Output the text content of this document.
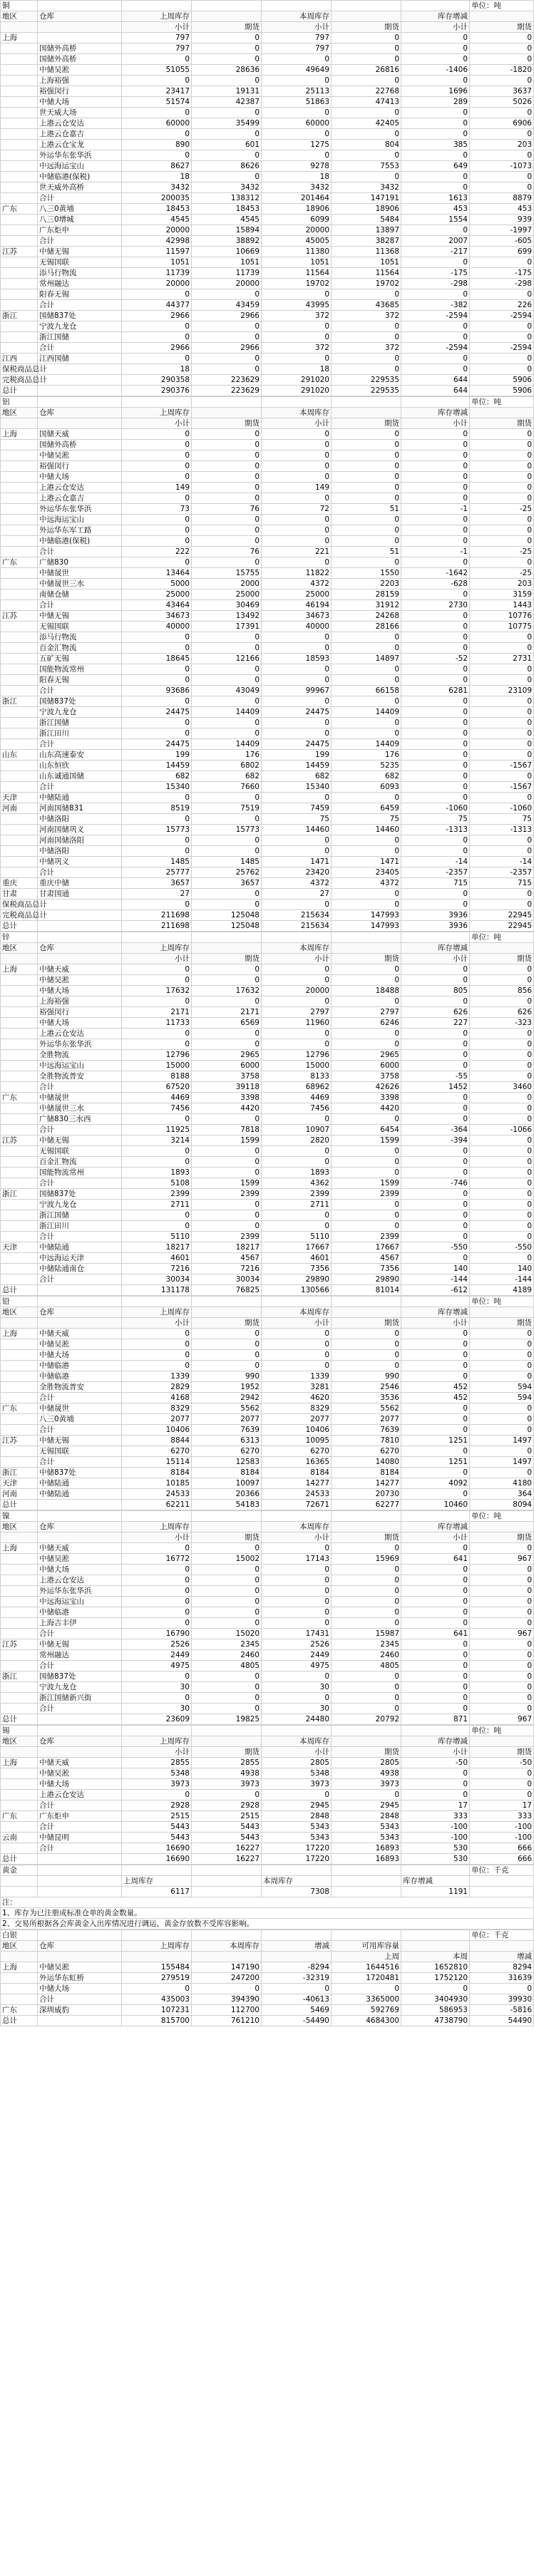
铜							单位：吨
地区	仓库	上周库存		本周库存		库存增减	
		小计	期货	小计	期货	小计	期货
上海		797	0	797	0	0	0
	国储外高桥	797	0	797	0	0	0
	国储外高桥	0	0	0	0	0	0
	中储吴淞	51055	28636	49649	26816	-1406	-1820
	上海裕强	0	0	0	0	0	0
	裕强闵行	23417	19131	25113	22768	1696	3637
	中储大场	51574	42387	51863	47413	289	5026
	世天威大场	0	0	0	0	0	0
	上港云仓安达	60000	35499	60000	42405	0	6906
	上港云仓嘉吉	0	0	0	0	0	0
	上港云仓宝龙	890	601	1275	804	385	203
	外运华东张华浜	0	0	0	0	0	0
	中远海运宝山	8627	8626	9278	7553	649	-1073
	中储临港(保税)	18	0	18	0	0	0
	世天威外高桥	3432	3432	3432	3432	0	0
	合计	200035	138312	201464	147191	1613	8879
广东	八三0黄埔	18453	18453	18906	18906	453	453
	八三0增城	4545	4545	6099	5484	1554	939
	广东炬申	20000	15894	20000	13897	0	-1997
	合计	42998	38892	45005	38287	2007	-605
江苏	中储无锡	11597	10669	11380	11368	-217	699
	无锡国联	1051	1051	1051	1051	0	0
	添马行物流	11739	11739	11564	11564	-175	-175
	常州融达	20000	20000	19702	19702	-298	-298
	阳春无锡	0	0	0	0	0	0
	合计	44377	43459	43995	43685	-382	226
浙江	国储837处	2966	2966	372	372	-2594	-2594
	宁波九龙仓	0	0	0	0	0	0
	浙江国储	0	0	0	0	0	0
	合计	2966	2966	372	372	-2594	-2594
江西	江西国储	0	0	0	0	0	0
保税商品总计		18	0	18	0	0	0
完税商品总计		290358	223629	291020	229535	644	5906
总计		290376	223629	291020	229535	644	5906
铝							单位：吨
地区	仓库	上周库存		本周库存		库存增减	
		小计	期货	小计	期货	小计	期货
上海	国储天威	0	0	0	0	0	0
	国储外高桥	0	0	0	0	0	0
	中储吴淞	0	0	0	0	0	0
	裕强闵行	0	0	0	0	0	0
	中储大场	0	0	0	0	0	0
	上港云仓安达	149	0	149	0	0	0
	上港云仓嘉吉	0	0	0	0	0	0
	外运华东张华浜	73	76	72	51	-1	-25
	中远海运宝山	0	0	0	0	0	0
	外运华东军工路	0	0	0	0	0	0
	中储临港(保税)	0	0	0	0	0	0
	合计	222	76	221	51	-1	-25
广东	广储830	0	0	0	0	0	0
	中储晟世	13464	15755	11822	1550	-1642	-25
	中储晟世三水	5000	2000	4372	2203	-628	203
	南储仓储	25000	25000	25000	28159	0	3159
	合计	43464	30469	46194	31912	2730	1443
江苏	中储无锡	34673	13492	34673	24268	0	10776
	无锡国联	40000	17391	40000	28166	0	10775
	添马行物流	0	0	0	0	0	0
	百金汇物流	0	0	0	0	0	0
	五矿无锡	18645	12166	18593	14897	-52	2731
	国能物流常州	0	0	0	0	0	0
	阳春无锡	0	0	0	0	0	0
	合计	93686	43049	99967	66158	6281	23109
浙江	国储837处	0	0	0	0	0	0
	宁波九龙仓	24475	14409	24475	14409	0	0
	浙江国储	0	0	0	0	0	0
	浙江田川	0	0	0	0	0	0
	合计	24475	14409	24475	14409	0	0
山东	山东高速泰安	199	176	199	176	0	0
	山东恒欣	14459	6802	14459	5235	0	-1567
	山东诚通国储	682	682	682	682	0	0
	合计	15340	7660	15340	6093	0	-1567
天津	中储陆通	0	0	0	0	0	0
河南	河南国储831	8519	7519	7459	6459	-1060	-1060
	中储洛阳	0	0	75	75	75	75
	河南国储巩义	15773	15773	14460	14460	-1313	-1313
	河南国储洛阳	0	0	0	0	0	0
	中储洛阳	0	0	0	0	0	0
	中储巩义	1485	1485	1471	1471	-14	-14
	合计	25777	25762	23420	23405	-2357	-2357
重庆	重庆中储	3657	3657	4372	4372	715	715
甘肃	甘肃国通	27	0	27	0	0	0
保税商品总计		0	0	0	0	0	0
完税商品总计		211698	125048	215634	147993	3936	22945
总计		211698	125048	215634	147993	3936	22945
锌							单位：吨
地区	仓库	上周库存		本周库存		库存增减	
		小计	期货	小计	期货	小计	期货
上海	中储天威	0	0	0	0	0	0
	中储吴淞	0	0	0	0	0	0
	中储大场	17632	17632	20000	18488	805	856
	上海裕强	0	0	0	0	0	0
	裕强闵行	2171	2171	2797	2797	626	626
	中储大场	11733	6569	11960	6246	227	-323
	上港云仓安达	0	0	0	0	0	0
	外运华东张华浜	0	0	0	0	0	0
	全胜物流	12796	2965	12796	2965	0	0
	中远海运宝山	15000	6000	15000	6000	0	0
	全胜物流普安	8188	3758	8133	3758	-55	0
	合计	67520	39118	68962	42626	1452	3460
广东	中储晟世	4469	3398	4469	3398	0	0
	中储晟世三水	7456	4420	7456	4420	0	0
	广储830三水西	0	0	0	0	0	0
	合计	11925	7818	10907	6454	-364	-1066
江苏	中储无锡	3214	1599	2820	1599	-394	0
	无锡国联	0	0	0	0	0	0
	百金汇物流	0	0	0	0	0	0
	国能物流常州	1893	0	1893	0	0	0
	合计	5108	1599	4362	1599	-746	0
浙江	国储837处	2399	2399	2399	2399	0	0
	宁波九龙仓	2711	0	2711	0	0	0
	浙江国储	0	0	0	0	0	0
	浙江田川	0	0	0	0	0	0
	合计	5110	2399	5110	2399	0	0
天津	中储陆通	18217	18217	17667	17667	-550	-550
	中远海运天津	4601	4567	4601	4567	0	0
	中储陆通南仓	7216	7216	7356	7356	140	140
	合计	30034	30034	29890	29890	-144	-144
总计		131178	76825	130566	81014	-612	4189
铅							单位：吨
地区	仓库	上周库存		本周库存		库存增减	
		小计	期货	小计	期货	小计	期货
上海	中储天威	0	0	0	0	0	0
	中储吴淞	0	0	0	0	0	0
	中储大场	0	0	0	0	0	0
	中储临港	0	0	0	0	0	0
	中储临港	1339	990	1339	990	0	0
	全胜物流普安	2829	1952	3281	2546	452	594
	合计	4168	2942	4620	3536	452	594
广东	中储晟世	8329	5562	8329	5562	0	0
	八三0黄埔	2077	2077	2077	2077	0	0
	合计	10406	7639	10406	7639	0	0
江苏	中储无锡	8844	6313	10095	7810	1251	1497
	无锡国联	6270	6270	6270	6270	0	0
	合计	15114	12583	16365	14080	1251	1497
浙江	中储837处	8184	8184	8184	8184	0	0
天津	中储陆通	10185	10097	14277	14277	4092	4180
河南	中储陆通	24533	20366	24533	20730	0	364
总计		62211	54183	72671	62277	10460	8094
镍							单位：吨
地区	仓库	上周库存		本周库存		库存增减	
		小计	期货	小计	期货	小计	期货
上海	中储天威	0	0	0	0	0	0
	中储吴淞	16772	15002	17143	15969	641	967
	中储大场	0	0	0	0	0	0
	上港云仓安达	0	0	0	0	0	0
	外运华东张华浜	0	0	0	0	0	0
	中远海运宝山	0	0	0	0	0	0
	中储临港	0	0	0	0	0	0
	上海吉丰伊	0	0	0	0	0	0
	合计	16790	15020	17431	15987	641	967
江苏	中储无锡	2526	2345	2526	2345	0	0
	常州融达	2449	2460	2449	2460	0	0
	合计	4975	4805	4975	4805	0	0
浙江	国储837处	0	0	0	0	0	0
	宁波九龙仓	30	0	30	0	0	0
	浙江国储新兴街	0	0	0	0	0	0
	合计	30	0	30	0	0	0
总计		23609	19825	24480	20792	871	967
锡							单位：吨
地区	仓库	上周库存		本周库存		库存增减	
		小计	期货	小计	期货	小计	期货
上海	中储天威	2855	2855	2805	2805	-50	-50
	中储吴淞	5348	4938	5348	4938	0	0
	中储大场	3973	3973	3973	3973	0	0
	上港云仓安达	0	0	0	0	0	0
	合计	2928	2928	2945	2945	17	17
广东	广东炬申	2515	2515	2848	2848	333	333
	合计	5443	5443	5343	5343	-100	-100
云南	中储昆明	5443	5443	5343	5343	-100	-100
	合计	16690	16227	17220	16893	530	666
总计		16690	16227	17220	16893	530	666
黄金							单位：千克
		上周库存		本周库存		库存增减	
		6117		7308		1191	
注：							
1、库存为已注册成标准仓单的黄金数量。							
2、交易所根据各会库黄金入出库情况进行调运，黄金存放数不受库容影响。							
白银							单位：千克
地区	仓库	上周库存	本周库存	增减	可用库容量		
					上周	本周	增减
上海	中储吴淞	155484	147190	-8294	1644516	1652810	8294
	外运华东虹桥	279519	247200	-32319	1720481	1752120	31639
	中储大场	0	0	0	0	0	0
	合计	435003	394390	-40613	3365000	3404930	39930
广东	深圳威豹	107231	112700	5469	592769	586953	-5816
总计		815700	761210	-54490	4684300	4738790	54490
